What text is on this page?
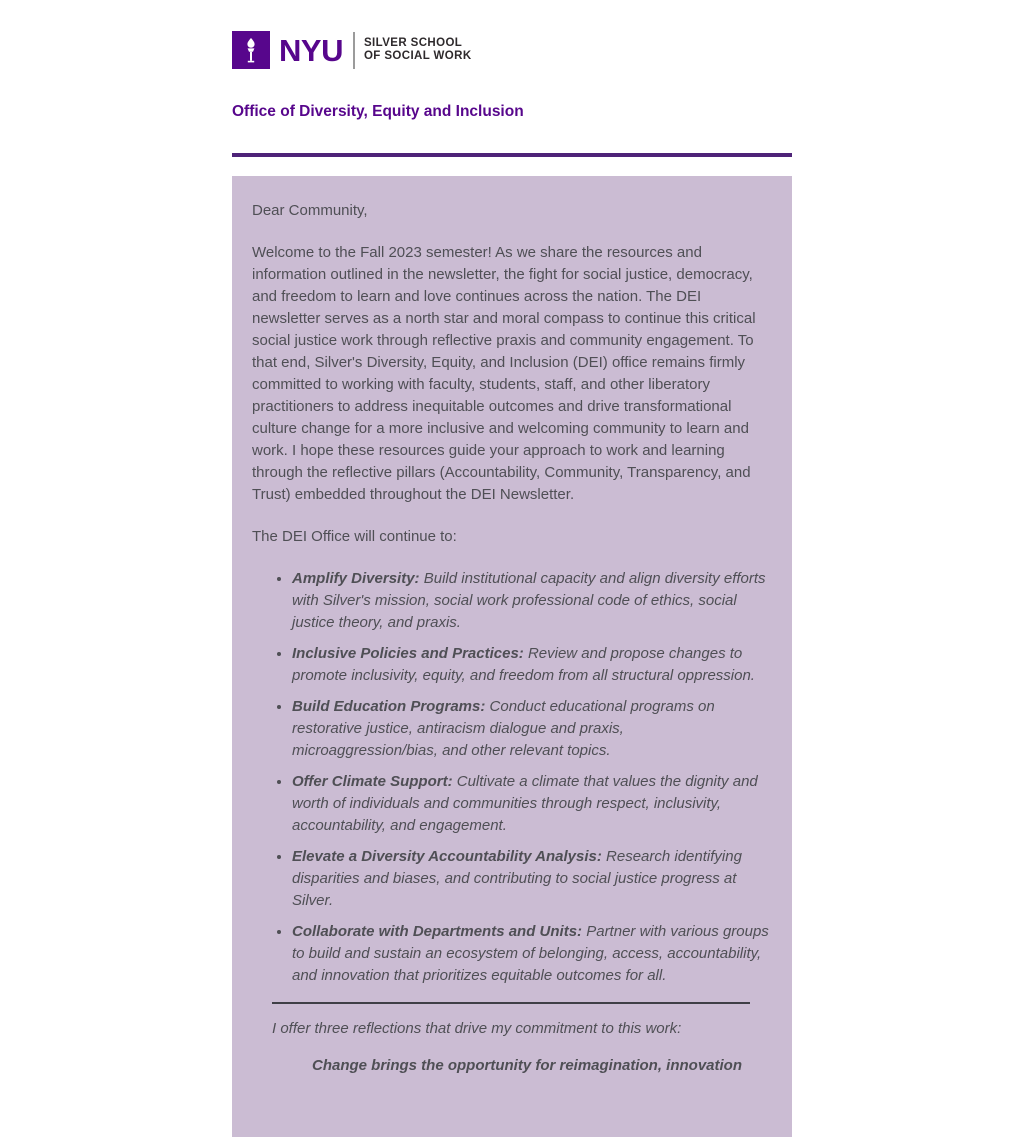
NYU SILVER SCHOOL
OF SOCIAL WORK
Office of Diversity, Equity and Inclusion

Dear Community,

Welcome to the Fall 2023 semester! As we share the resources and information outlined in the newsletter, the fight for social justice, democracy, and freedom to learn and love continues across the nation. The DEI newsletter serves as a north star and moral compass to continue this critical social justice work through reflective praxis and community engagement. To that end, Silver's Diversity, Equity, and Inclusion (DEI) office remains firmly committed to working with faculty, students, staff, and other liberatory practitioners to address inequitable outcomes and drive transformational culture change for a more inclusive and welcoming community to learn and work. I hope these resources guide your approach to work and learning through the reflective pillars (Accountability, Community, Transparency, and Trust) embedded throughout the DEI Newsletter.

The DEI Office will continue to:

• Amplify Diversity: Build institutional capacity and align diversity efforts with Silver's mission, social work professional code of ethics, social justice theory, and praxis.
• Inclusive Policies and Practices: Review and propose changes to promote inclusivity, equity, and freedom from all structural oppression.
• Build Education Programs: Conduct educational programs on restorative justice, antiracism dialogue and praxis, microaggression/bias, and other relevant topics.
• Offer Climate Support: Cultivate a climate that values the dignity and worth of individuals and communities through respect, inclusivity, accountability, and engagement.
• Elevate a Diversity Accountability Analysis: Research identifying disparities and biases, and contributing to social justice progress at Silver.
• Collaborate with Departments and Units: Partner with various groups to build and sustain an ecosystem of belonging, access, accountability, and innovation that prioritizes equitable outcomes for all.
I offer three reflections that drive my commitment to this work:
Change brings the opportunity for reimagination, innovation
